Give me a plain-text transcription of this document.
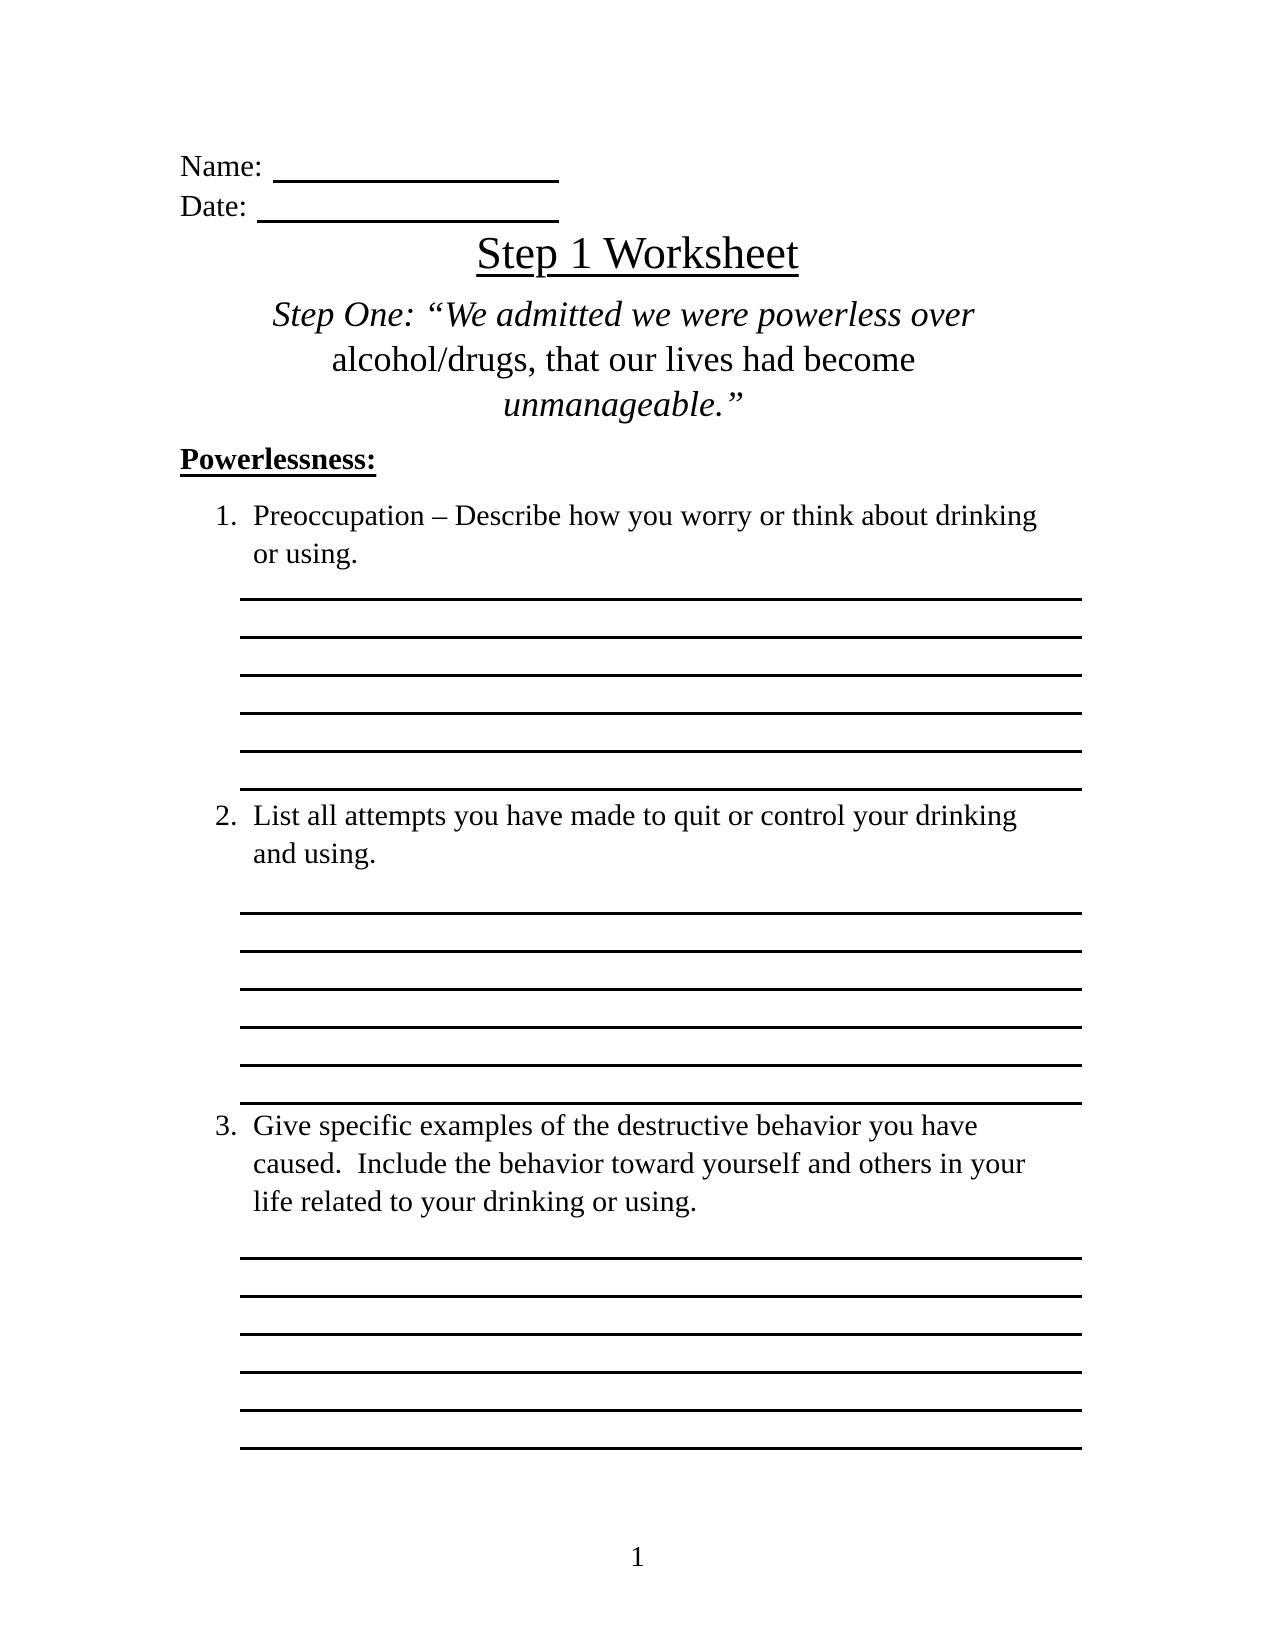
Name:
Date:
Step 1 Worksheet
Step One: “We admitted we were powerless over
alcohol/drugs, that our lives had become
unmanageable.”
Powerlessness:
1. Preoccupation – Describe how you worry or think about drinking or using.
2. List all attempts you have made to quit or control your drinking and using.
3. Give specific examples of the destructive behavior you have caused.  Include the behavior toward yourself and others in your life related to your drinking or using.
1
